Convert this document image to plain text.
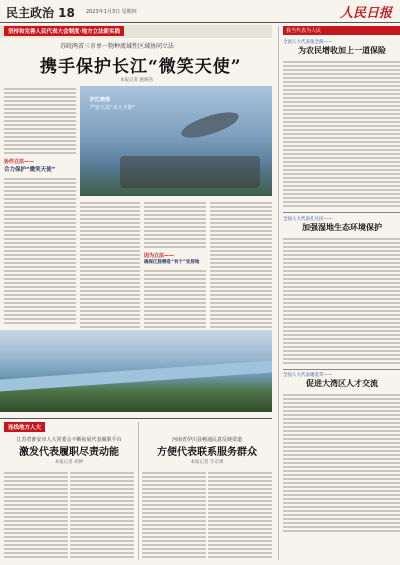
民主政治 18 2023年1月3日 星期四	人民日报
坚持和完善人民代表大会制度·地方立法新实践
苏皖两省三市单一物种流域性区域协同立法
携手保护长江“微笑天使”
本报记者 施晓茜
护江禁渔
严密立法“水上卡脖”
协作立法——
合力保护“微笑天使”
因为立法——
确保江豚栖息“有个”安居地
我当代表为人民
全国人大代表张全润——
为农民增收加上一道保险
全国人大代表孔凡民——
加强湿地生态环境保护
全国人大代表谢奕苹——
促进大湾区人才交流
连线地方人大
江苏省淮安市人大常委会不断拓展代表履职平台
激发代表履职尽责动能
本报记者 胡钟
河南省伊川县畅通民意反映渠道
方便代表联系服务群众
本报记者 毕京津
